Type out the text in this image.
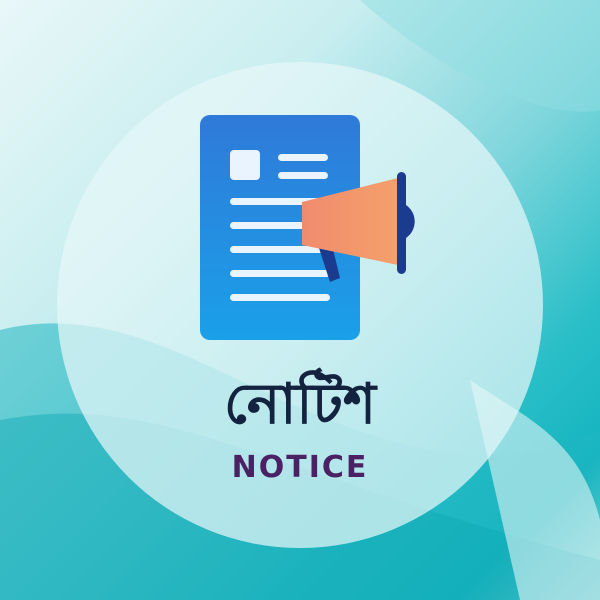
নোটিশ
NOTICE
